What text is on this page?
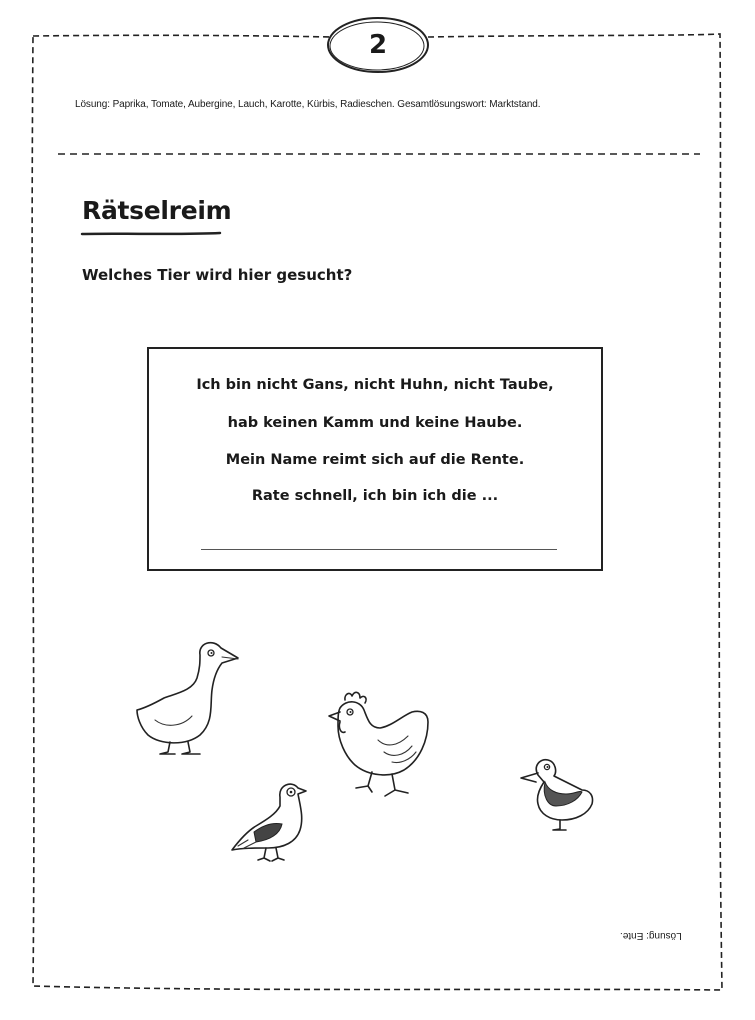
2
Lösung: Paprika, Tomate, Aubergine, Lauch, Karotte, Kürbis, Radieschen. Gesamtlösungswort: Marktstand.
Rätselreim

Welches Tier wird hier gesucht?

Ich bin nicht Gans, nicht Huhn, nicht Taube,

hab keinen Kamm und keine Haube.

Mein Name reimt sich auf die Rente.

Rate schnell, ich bin ich die ...

Lösung: Ente.
